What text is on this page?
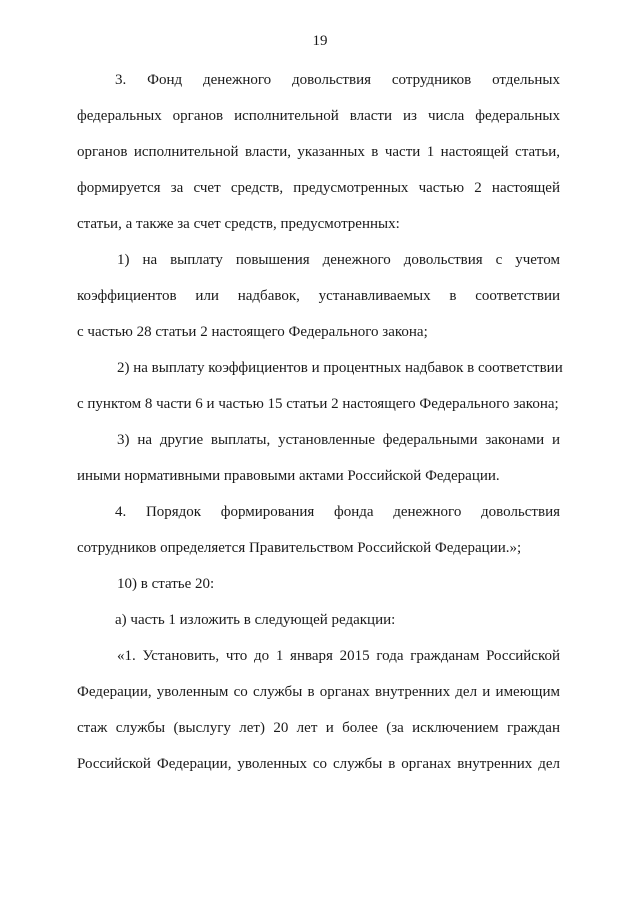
19
3. Фонд денежного довольствия сотрудников отдельных
федеральных органов исполнительной власти из числа федеральных
органов исполнительной власти, указанных в части 1 настоящей статьи,
формируется за счет средств, предусмотренных частью 2 настоящей
статьи, а также за счет средств, предусмотренных:
1) на выплату повышения денежного довольствия с учетом
коэффициентов или надбавок, устанавливаемых в соответствии
с частью 28 статьи 2 настоящего Федерального закона;
2) на выплату коэффициентов и процентных надбавок в соответствии
с пунктом 8 части 6 и частью 15 статьи 2 настоящего Федерального закона;
3) на другие выплаты, установленные федеральными законами и
иными нормативными правовыми актами Российской Федерации.
4. Порядок формирования фонда денежного довольствия
сотрудников определяется Правительством Российской Федерации.»;
10) в статье 20:
а) часть 1 изложить в следующей редакции:
«1. Установить, что до 1 января 2015 года гражданам Российской
Федерации, уволенным со службы в органах внутренних дел и имеющим
стаж службы (выслугу лет) 20 лет и более (за исключением граждан
Российской Федерации, уволенных со службы в органах внутренних дел
